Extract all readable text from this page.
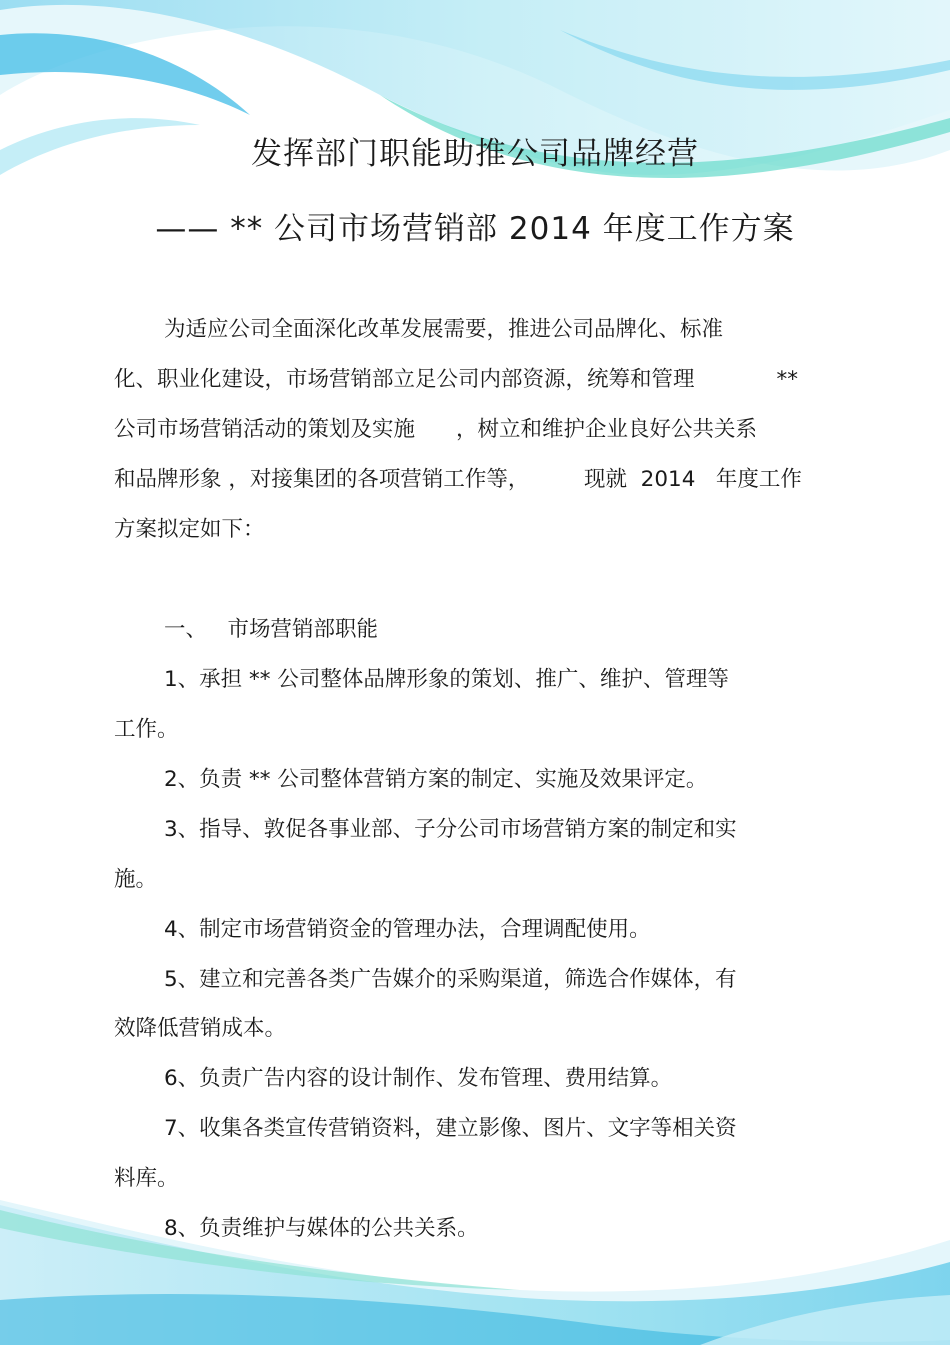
发挥部门职能助推公司品牌经营
—— ** 公司市场营销部 2014 年度工作方案
为适应公司全面深化改革发展需要，推进公司品牌化、标准
化、职业化建设，市场营销部立足公司内部资源，统筹和管理            **
公司市场营销活动的策划及实施      ，树立和维护企业良好公共关系
和品牌形象 ，对接集团的各项营销工作等，        现就  2014   年度工作
方案拟定如下：
一、   市场营销部职能
1、承担 ** 公司整体品牌形象的策划、推广、维护、管理等
工作。
2、负责 ** 公司整体营销方案的制定、实施及效果评定。
3、指导、敦促各事业部、子分公司市场营销方案的制定和实
施。
4、制定市场营销资金的管理办法，合理调配使用。
5、建立和完善各类广告媒介的采购渠道，筛选合作媒体，有
效降低营销成本。
6、负责广告内容的设计制作、发布管理、费用结算。
7、收集各类宣传营销资料，建立影像、图片、文字等相关资
料库。
8、负责维护与媒体的公共关系。
